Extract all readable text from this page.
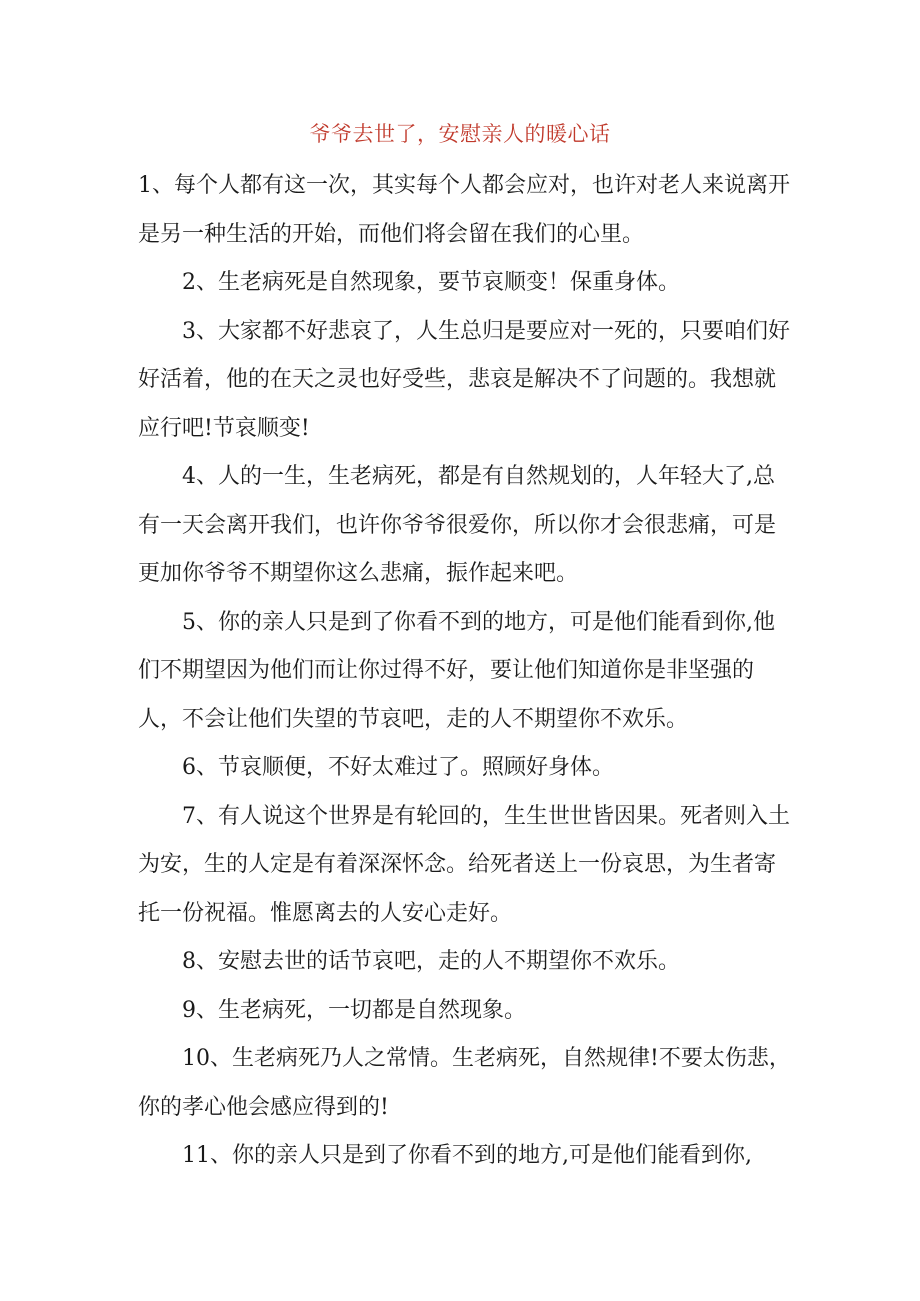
爷爷去世了，安慰亲人的暖心话

1、每个人都有这一次，其实每个人都会应对，也许对老人来说离开是另一种生活的开始，而他们将会留在我们的心里。

2、生老病死是自然现象，要节哀顺变！保重身体。

3、大家都不好悲哀了，人生总归是要应对一死的，只要咱们好好活着，他的在天之灵也好受些，悲哀是解决不了问题的。我想就应行吧!节哀顺变!

4、人的一生，生老病死，都是有自然规划的，人年轻大了,总有一天会离开我们，也许你爷爷很爱你，所以你才会很悲痛，可是更加你爷爷不期望你这么悲痛，振作起来吧。

5、你的亲人只是到了你看不到的地方，可是他们能看到你,他们不期望因为他们而让你过得不好，要让他们知道你是非坚强的人，不会让他们失望的节哀吧，走的人不期望你不欢乐。

6、节哀顺便，不好太难过了。照顾好身体。

7、有人说这个世界是有轮回的，生生世世皆因果。死者则入土为安，生的人定是有着深深怀念。给死者送上一份哀思，为生者寄托一份祝福。惟愿离去的人安心走好。

8、安慰去世的话节哀吧，走的人不期望你不欢乐。

9、生老病死，一切都是自然现象。

10、生老病死乃人之常情。生老病死，自然规律!不要太伤悲，你的孝心他会感应得到的!

11、你的亲人只是到了你看不到的地方,可是他们能看到你,
